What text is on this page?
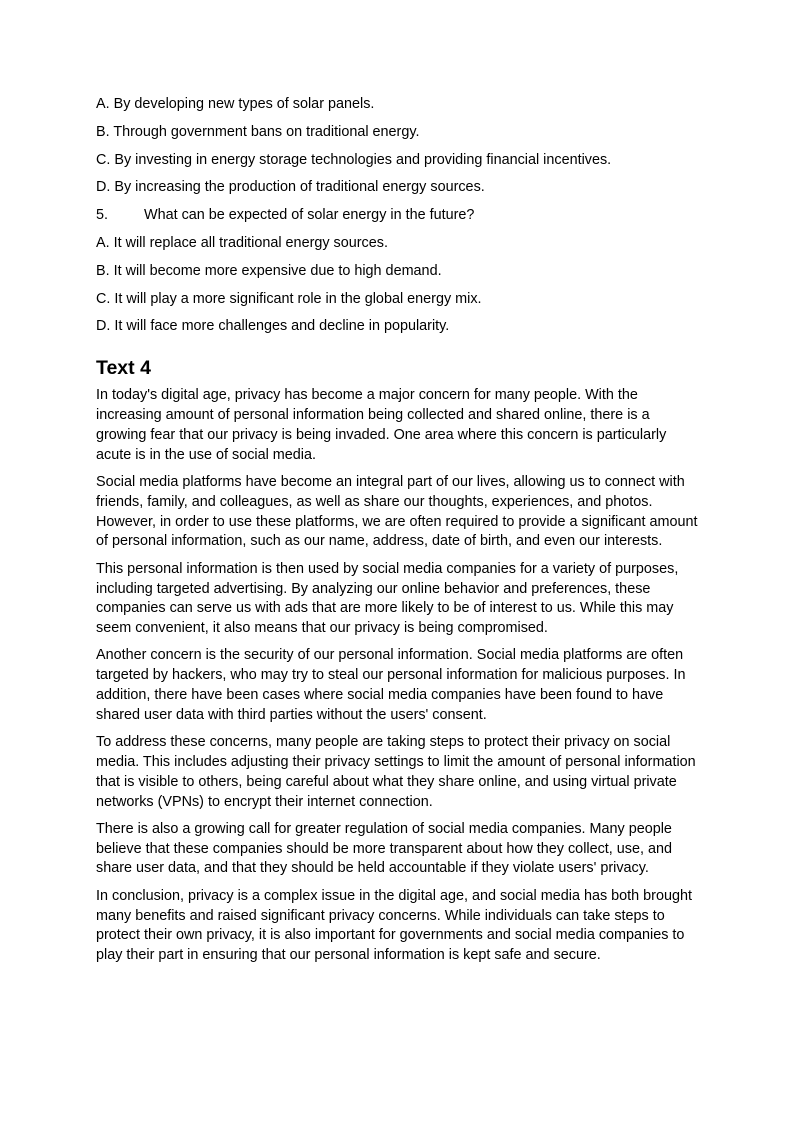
A. By developing new types of solar panels.
B. Through government bans on traditional energy.
C. By investing in energy storage technologies and providing financial incentives.
D. By increasing the production of traditional energy sources.
5. What can be expected of solar energy in the future?
A. It will replace all traditional energy sources.
B. It will become more expensive due to high demand.
C. It will play a more significant role in the global energy mix.
D. It will face more challenges and decline in popularity.
Text 4

In today's digital age, privacy has become a major concern for many people. With the increasing amount of personal information being collected and shared online, there is a growing fear that our privacy is being invaded. One area where this concern is particularly acute is in the use of social media.

Social media platforms have become an integral part of our lives, allowing us to connect with friends, family, and colleagues, as well as share our thoughts, experiences, and photos. However, in order to use these platforms, we are often required to provide a significant amount of personal information, such as our name, address, date of birth, and even our interests.

This personal information is then used by social media companies for a variety of purposes, including targeted advertising. By analyzing our online behavior and preferences, these companies can serve us with ads that are more likely to be of interest to us. While this may seem convenient, it also means that our privacy is being compromised.

Another concern is the security of our personal information. Social media platforms are often targeted by hackers, who may try to steal our personal information for malicious purposes. In addition, there have been cases where social media companies have been found to have shared user data with third parties without the users' consent.

To address these concerns, many people are taking steps to protect their privacy on social media. This includes adjusting their privacy settings to limit the amount of personal information that is visible to others, being careful about what they share online, and using virtual private networks (VPNs) to encrypt their internet connection.

There is also a growing call for greater regulation of social media companies. Many people believe that these companies should be more transparent about how they collect, use, and share user data, and that they should be held accountable if they violate users' privacy.

In conclusion, privacy is a complex issue in the digital age, and social media has both brought many benefits and raised significant privacy concerns. While individuals can take steps to protect their own privacy, it is also important for governments and social media companies to play their part in ensuring that our personal information is kept safe and secure.
